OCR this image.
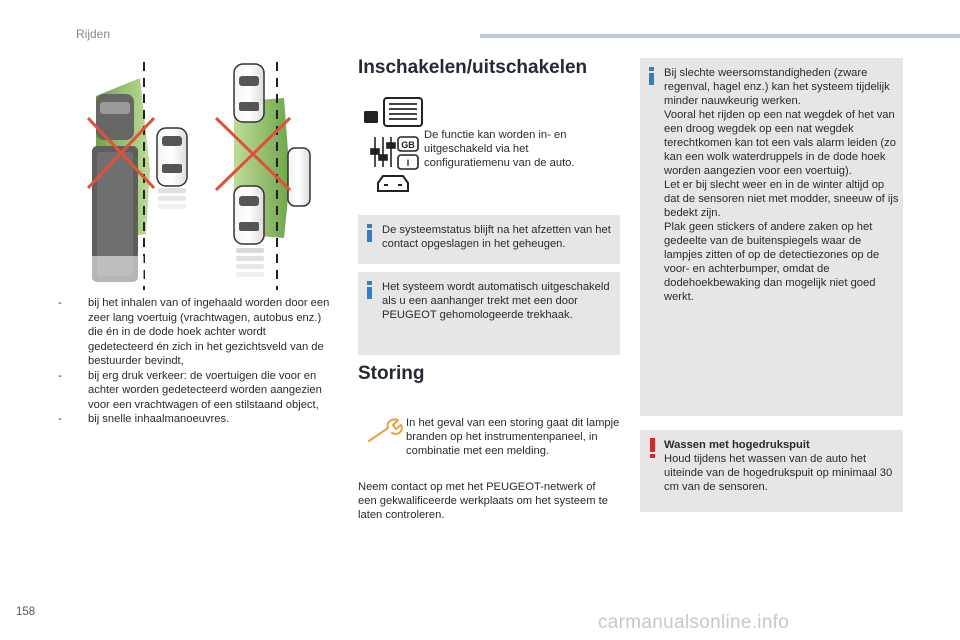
Rijden
- bij het inhalen van of ingehaald worden door een zeer lang voertuig (vrachtwagen, autobus enz.) die én in de dode hoek achter wordt gedetecteerd én zich in het gezichtsveld van de bestuurder bevindt,
- bij erg druk verkeer: de voertuigen die voor en achter worden gedetecteerd worden aangezien voor een vrachtwagen of een stilstaand object,
- bij snelle inhaalmanoeuvres.
Inschakelen/uitschakelen
GB
I
De functie kan worden in- en uitgeschakeld via het configuratiemenu van de auto.
De systeemstatus blijft na het afzetten van het contact opgeslagen in het geheugen.
Het systeem wordt automatisch uitgeschakeld als u een aanhanger trekt met een door PEUGEOT gehomologeerde trekhaak.
Storing
In het geval van een storing gaat dit lampje branden op het instrumentenpaneel, in combinatie met een melding.
Neem contact op met het PEUGEOT-netwerk of een gekwalificeerde werkplaats om het systeem te laten controleren.
Bij slechte weersomstandigheden (zware regenval, hagel enz.) kan het systeem tijdelijk minder nauwkeurig werken.
Vooral het rijden op een nat wegdek of het van een droog wegdek op een nat wegdek terechtkomen kan tot een vals alarm leiden (zo kan een wolk waterdruppels in de dode hoek worden aangezien voor een voertuig).
Let er bij slecht weer en in de winter altijd op dat de sensoren niet met modder, sneeuw of ijs bedekt zijn.
Plak geen stickers of andere zaken op het gedeelte van de buitenspiegels waar de lampjes zitten of op de detectiezones op de voor- en achterbumper, omdat de dodehoekbewaking dan mogelijk niet goed werkt.
Wassen met hogedrukspuit
Houd tijdens het wassen van de auto het uiteinde van de hogedrukspuit op minimaal 30 cm van de sensoren.
158	carmanualsonline.info
